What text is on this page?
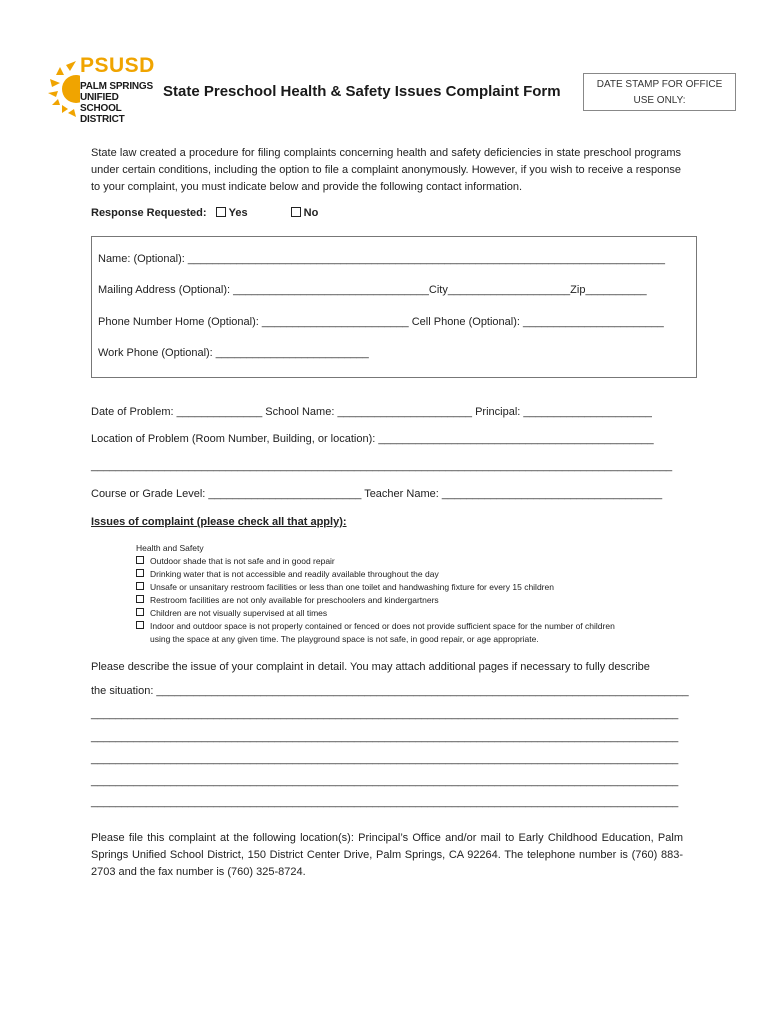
PSUSD
PALM SPRINGS
UNIFIED
SCHOOL DISTRICT
State Preschool Health & Safety Issues Complaint Form	DATE STAMP FOR OFFICE
USE ONLY:
State law created a procedure for filing complaints concerning health and safety deficiencies in state preschool programs under certain conditions, including the option to file a complaint anonymously. However, if you wish to receive a response to your complaint, you must indicate below and provide the following contact information.
Response Requested: Yes	No
Name: (Optional): ______________________________________________________________________________
Mailing Address (Optional): ________________________________City____________________Zip__________
Phone Number Home (Optional): ________________________ Cell Phone (Optional): _______________________
Work Phone (Optional): _________________________
Date of Problem: ______________ School Name: ______________________ Principal: _____________________
Location of Problem (Room Number, Building, or location): _____________________________________________
_______________________________________________________________________________________________
Course or Grade Level: _________________________ Teacher Name: ____________________________________
Issues of complaint (please check all that apply):
Health and Safety
Outdoor shade that is not safe and in good repair
Drinking water that is not accessible and readily available throughout the day
Unsafe or unsanitary restroom facilities or less than one toilet and handwashing fixture for every 15 children
Restroom facilities are not only available for preschoolers and kindergartners
Children are not visually supervised at all times
Indoor and outdoor space is not properly contained or fenced or does not provide sufficient space for the number of children
using the space at any given time. The playground space is not safe, in good repair, or age appropriate.
Please describe the issue of your complaint in detail. You may attach additional pages if necessary to fully describe
the situation: _______________________________________________________________________________________
________________________________________________________________________________________________
________________________________________________________________________________________________
________________________________________________________________________________________________
________________________________________________________________________________________________
________________________________________________________________________________________________
Please file this complaint at the following location(s): Principal’s Office and/or mail to Early Childhood Education, Palm Springs Unified School District, 150 District Center Drive, Palm Springs, CA 92264. The telephone number is (760) 883-2703 and the fax number is (760) 325-8724.
